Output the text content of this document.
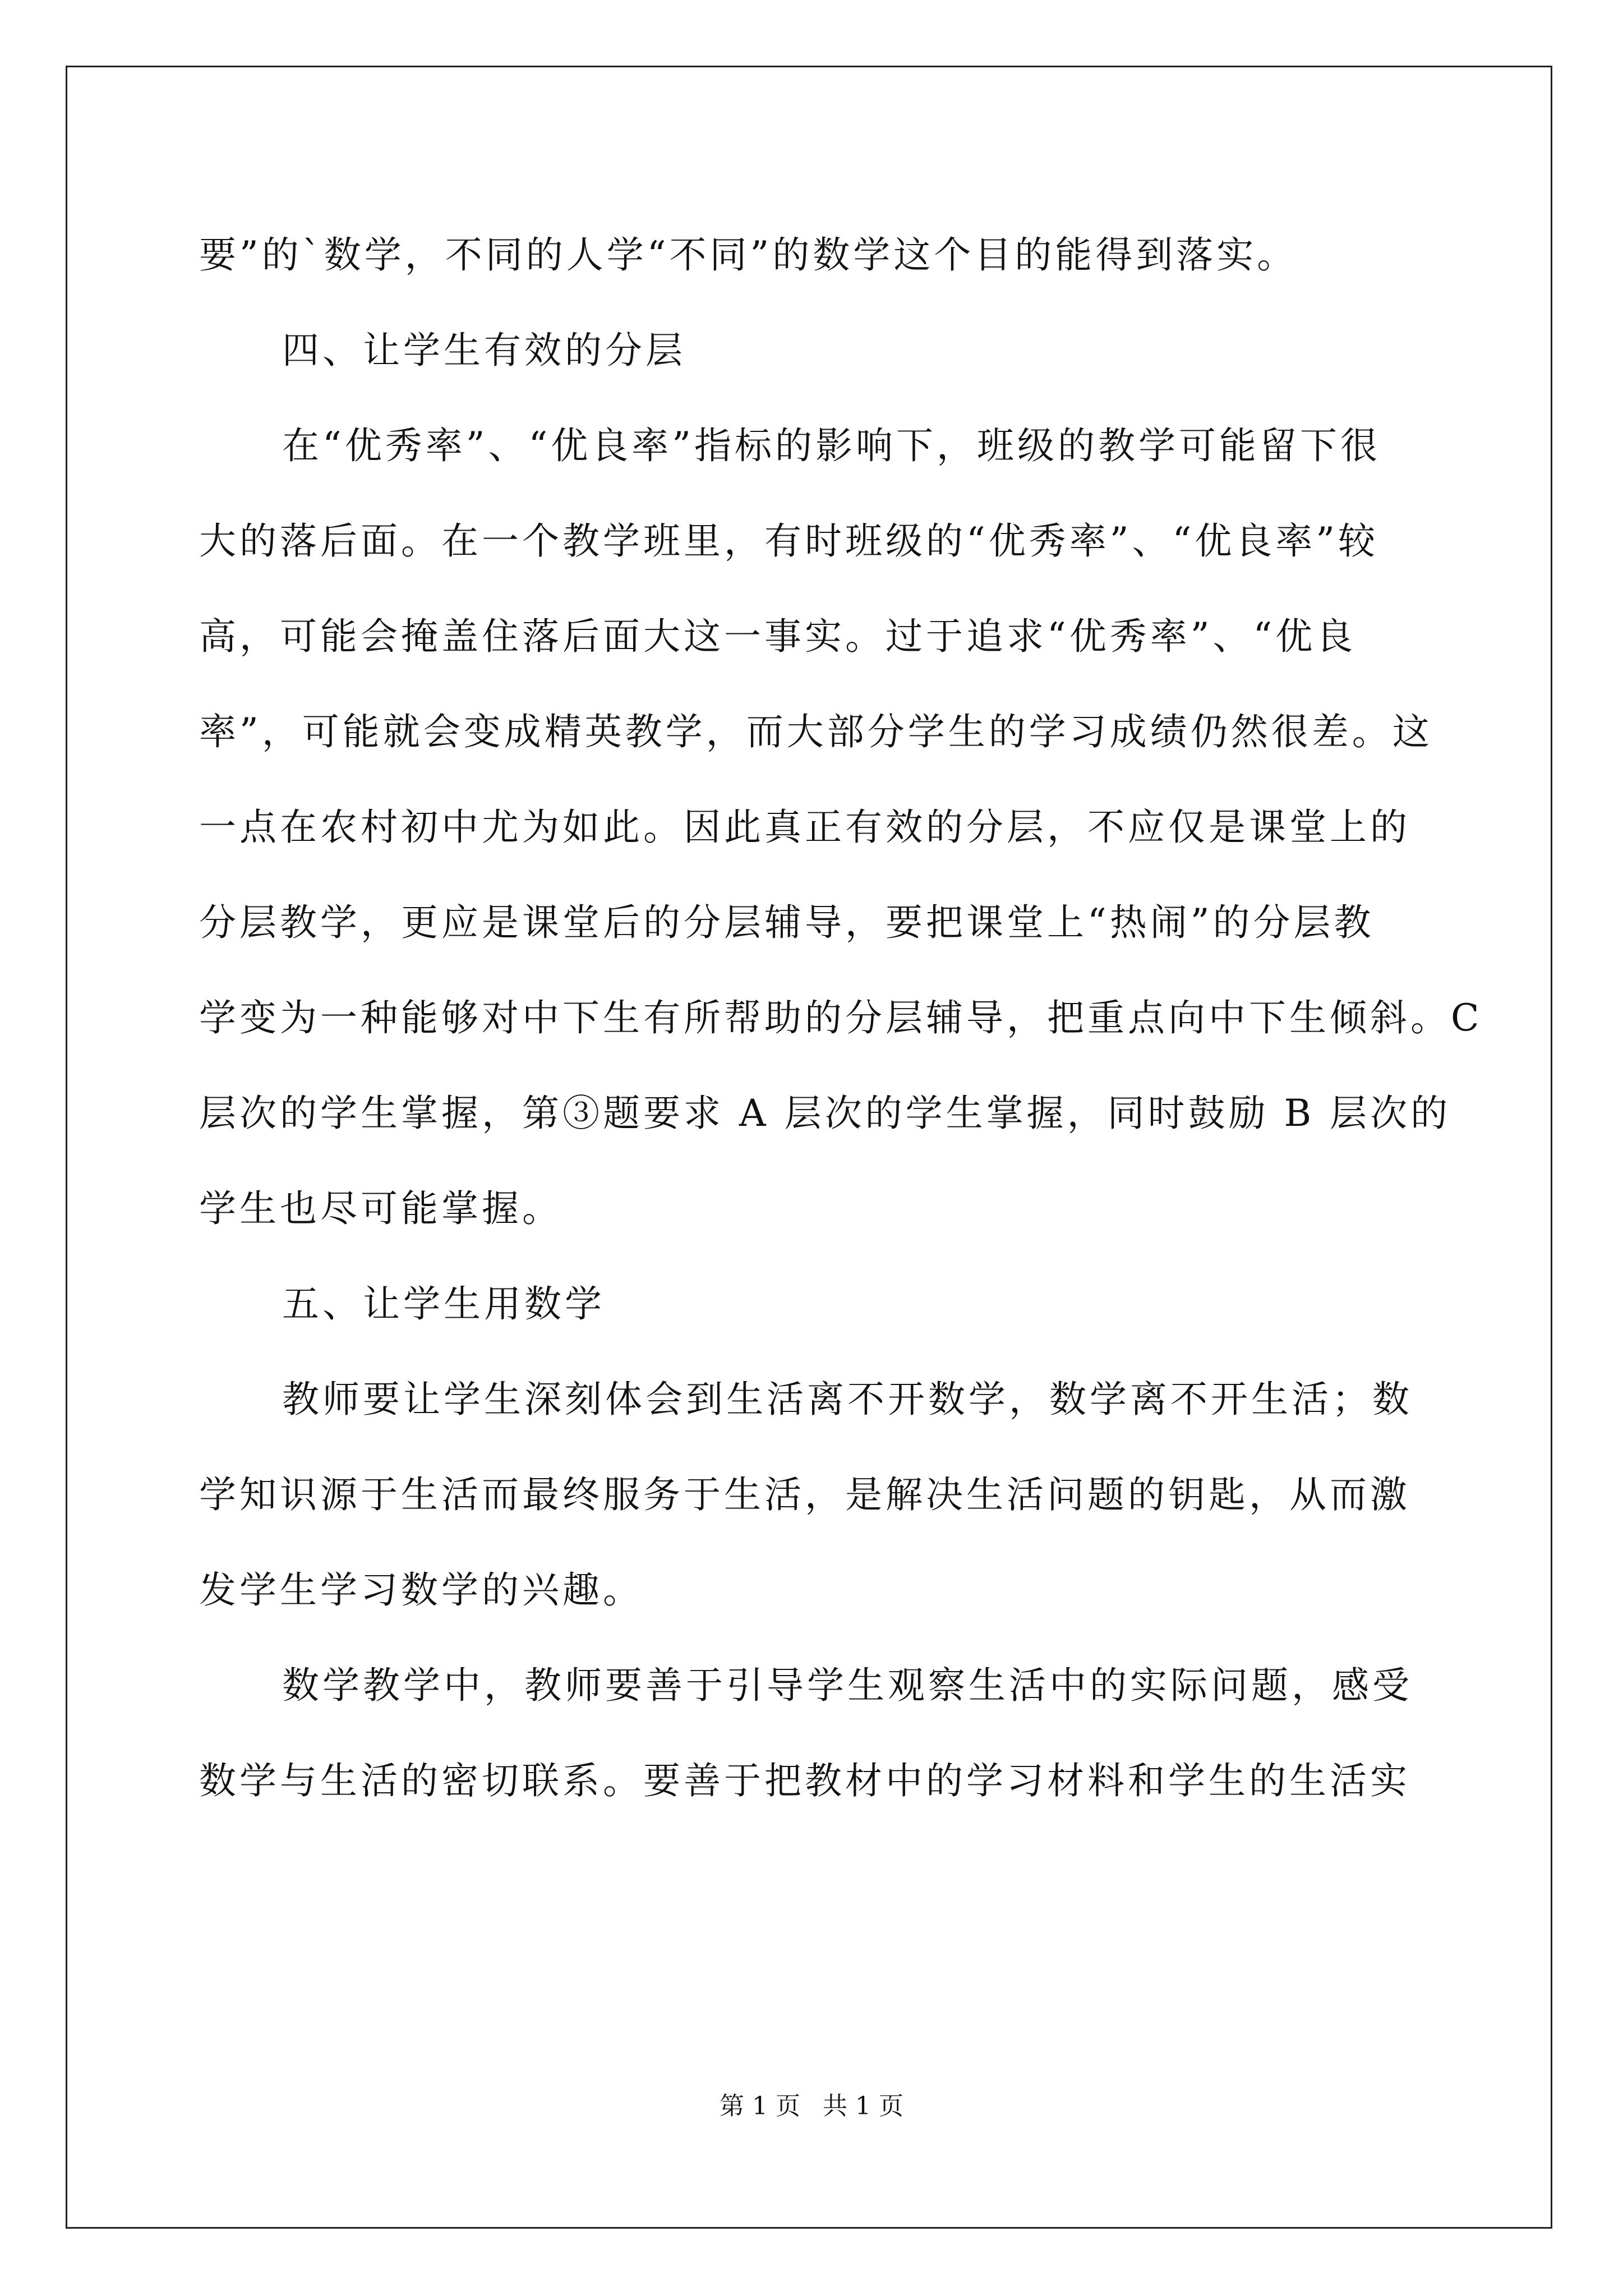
要”的`数学，不同的人学“不同”的数学这个目的能得到落实。
四、让学生有效的分层
在“优秀率”、“优良率”指标的影响下，班级的教学可能留下很
大的落后面。在一个教学班里，有时班级的“优秀率”、“优良率”较
高，可能会掩盖住落后面大这一事实。过于追求“优秀率”、“优良
率”，可能就会变成精英教学，而大部分学生的学习成绩仍然很差。这
一点在农村初中尤为如此。因此真正有效的分层，不应仅是课堂上的
分层教学，更应是课堂后的分层辅导，要把课堂上“热闹”的分层教
学变为一种能够对中下生有所帮助的分层辅导，把重点向中下生倾斜。C
层次的学生掌握，第③题要求 A 层次的学生掌握，同时鼓励 B 层次的
学生也尽可能掌握。
五、让学生用数学
教师要让学生深刻体会到生活离不开数学，数学离不开生活；数
学知识源于生活而最终服务于生活，是解决生活问题的钥匙，从而激
发学生学习数学的兴趣。
数学教学中，教师要善于引导学生观察生活中的实际问题，感受
数学与生活的密切联系。要善于把教材中的学习材料和学生的生活实
第 1 页 共 1 页
